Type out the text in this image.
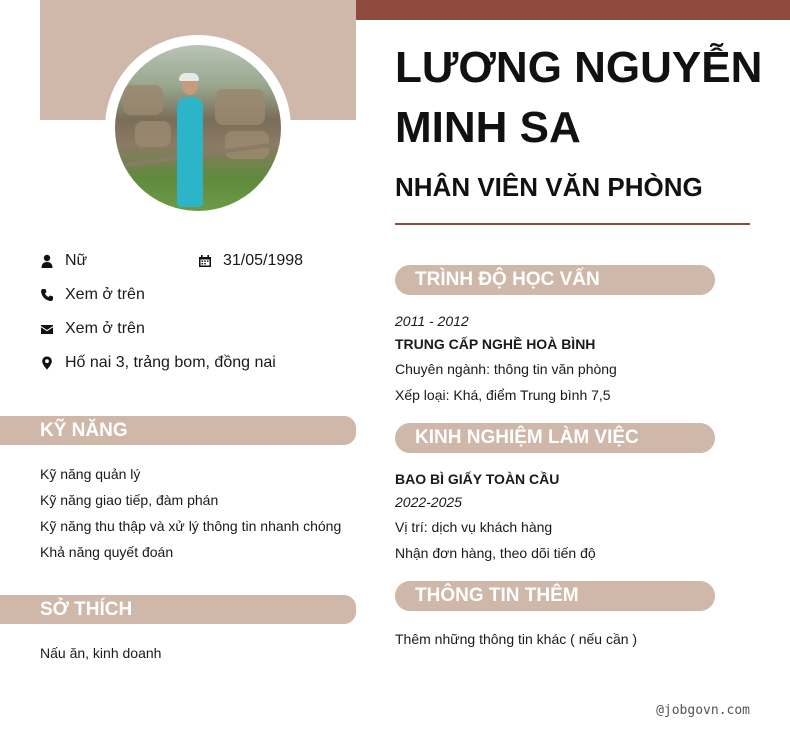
Nữ	31/05/1998
Xem ở trên
Xem ở trên
Hố nai 3, trảng bom, đồng nai
KỸ NĂNG
Kỹ năng quản lý
Kỹ năng giao tiếp, đàm phán
Kỹ năng thu thập và xử lý thông tin nhanh chóng
Khả năng quyết đoán
SỞ THÍCH
Nấu ăn, kinh doanh
LƯƠNG NGUYỄN MINH SA
NHÂN VIÊN VĂN PHÒNG
TRÌNH ĐỘ HỌC VẤN
2011 - 2012
TRUNG CẤP NGHỀ HOÀ BÌNH
Chuyên ngành: thông tin văn phòng
Xếp loại: Khá, điểm Trung bình 7,5
KINH NGHIỆM LÀM VIỆC
BAO BÌ GIẤY TOÀN CẦU
2022-2025
Vị trí: dịch vụ khách hàng
Nhận đơn hàng, theo dõi tiến độ
THÔNG TIN THÊM
Thêm những thông tin khác ( nếu cần )
@jobgovn.com
